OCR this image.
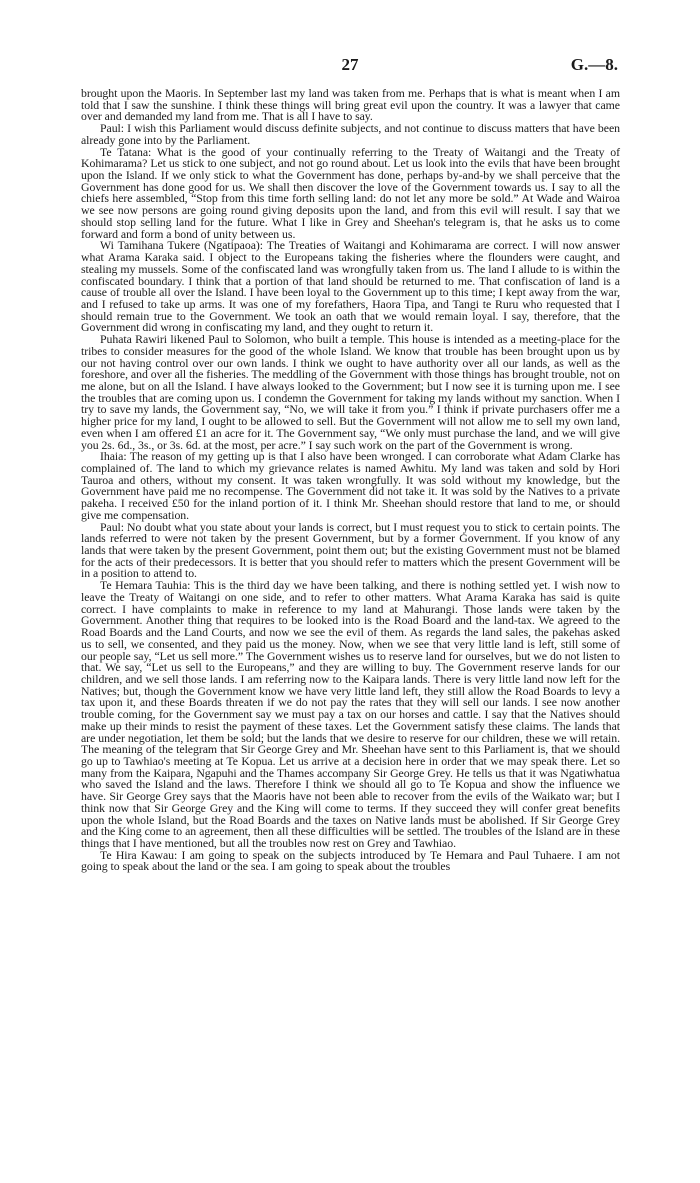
27	G.—8.

brought upon the Maoris. In September last my land was taken from me. Perhaps that is what is meant when I am told that I saw the sunshine. I think these things will bring great evil upon the country. It was a lawyer that came over and demanded my land from me. That is all I have to say.

Paul: I wish this Parliament would discuss definite subjects, and not continue to discuss matters that have been already gone into by the Parliament.

Te Tatana: What is the good of your continually referring to the Treaty of Waitangi and the Treaty of Kohimarama? Let us stick to one subject, and not go round about. Let us look into the evils that have been brought upon the Island. If we only stick to what the Government has done, perhaps by-and-by we shall perceive that the Government has done good for us. We shall then discover the love of the Government towards us. I say to all the chiefs here assembled, “Stop from this time forth selling land: do not let any more be sold.” At Wade and Wairoa we see now persons are going round giving deposits upon the land, and from this evil will result. I say that we should stop selling land for the future. What I like in Grey and Sheehan's telegram is, that he asks us to come forward and form a bond of unity between us.

Wi Tamihana Tukere (Ngatipaoa): The Treaties of Waitangi and Kohimarama are correct. I will now answer what Arama Karaka said. I object to the Europeans taking the fisheries where the flounders were caught, and stealing my mussels. Some of the confiscated land was wrongfully taken from us. The land I allude to is within the confiscated boundary. I think that a portion of that land should be returned to me. That confiscation of land is a cause of trouble all over the Island. I have been loyal to the Government up to this time; I kept away from the war, and I refused to take up arms. It was one of my forefathers, Haora Tipa, and Tangi te Ruru who requested that I should remain true to the Government. We took an oath that we would remain loyal. I say, therefore, that the Government did wrong in confiscating my land, and they ought to return it.

Puhata Rawiri likened Paul to Solomon, who built a temple. This house is intended as a meeting-place for the tribes to consider measures for the good of the whole Island. We know that trouble has been brought upon us by our not having control over our own lands. I think we ought to have authority over all our lands, as well as the foreshore, and over all the fisheries. The meddling of the Government with those things has brought trouble, not on me alone, but on all the Island. I have always looked to the Government; but I now see it is turning upon me. I see the troubles that are coming upon us. I condemn the Government for taking my lands without my sanction. When I try to save my lands, the Government say, “No, we will take it from you.” I think if private purchasers offer me a higher price for my land, I ought to be allowed to sell. But the Government will not allow me to sell my own land, even when I am offered £1 an acre for it. The Government say, “We only must purchase the land, and we will give you 2s. 6d., 3s., or 3s. 6d. at the most, per acre.” I say such work on the part of the Government is wrong.

Ihaia: The reason of my getting up is that I also have been wronged. I can corroborate what Adam Clarke has complained of. The land to which my grievance relates is named Awhitu. My land was taken and sold by Hori Tauroa and others, without my consent. It was taken wrongfully. It was sold without my knowledge, but the Government have paid me no recompense. The Government did not take it. It was sold by the Natives to a private pakeha. I received £50 for the inland portion of it. I think Mr. Sheehan should restore that land to me, or should give me compensation.

Paul: No doubt what you state about your lands is correct, but I must request you to stick to certain points. The lands referred to were not taken by the present Government, but by a former Government. If you know of any lands that were taken by the present Government, point them out; but the existing Government must not be blamed for the acts of their predecessors. It is better that you should refer to matters which the present Government will be in a position to attend to.

Te Hemara Tauhia: This is the third day we have been talking, and there is nothing settled yet. I wish now to leave the Treaty of Waitangi on one side, and to refer to other matters. What Arama Karaka has said is quite correct. I have complaints to make in reference to my land at Mahurangi. Those lands were taken by the Government. Another thing that requires to be looked into is the Road Board and the land-tax. We agreed to the Road Boards and the Land Courts, and now we see the evil of them. As regards the land sales, the pakehas asked us to sell, we consented, and they paid us the money. Now, when we see that very little land is left, still some of our people say, “Let us sell more.” The Government wishes us to reserve land for ourselves, but we do not listen to that. We say, “Let us sell to the Europeans,” and they are willing to buy. The Government reserve lands for our children, and we sell those lands. I am referring now to the Kaipara lands. There is very little land now left for the Natives; but, though the Government know we have very little land left, they still allow the Road Boards to levy a tax upon it, and these Boards threaten if we do not pay the rates that they will sell our lands. I see now another trouble coming, for the Government say we must pay a tax on our horses and cattle. I say that the Natives should make up their minds to resist the payment of these taxes. Let the Government satisfy these claims. The lands that are under negotiation, let them be sold; but the lands that we desire to reserve for our children, these we will retain. The meaning of the telegram that Sir George Grey and Mr. Sheehan have sent to this Parliament is, that we should go up to Tawhiao's meeting at Te Kopua. Let us arrive at a decision here in order that we may speak there. Let so many from the Kaipara, Ngapuhi and the Thames accompany Sir George Grey. He tells us that it was Ngatiwhatua who saved the Island and the laws. Therefore I think we should all go to Te Kopua and show the influence we have. Sir George Grey says that the Maoris have not been able to recover from the evils of the Waikato war; but I think now that Sir George Grey and the King will come to terms. If they succeed they will confer great benefits upon the whole Island, but the Road Boards and the taxes on Native lands must be abolished. If Sir George Grey and the King come to an agreement, then all these difficulties will be settled. The troubles of the Island are in these things that I have mentioned, but all the troubles now rest on Grey and Tawhiao.

Te Hira Kawau: I am going to speak on the subjects introduced by Te Hemara and Paul Tuhaere. I am not going to speak about the land or the sea. I am going to speak about the troubles
